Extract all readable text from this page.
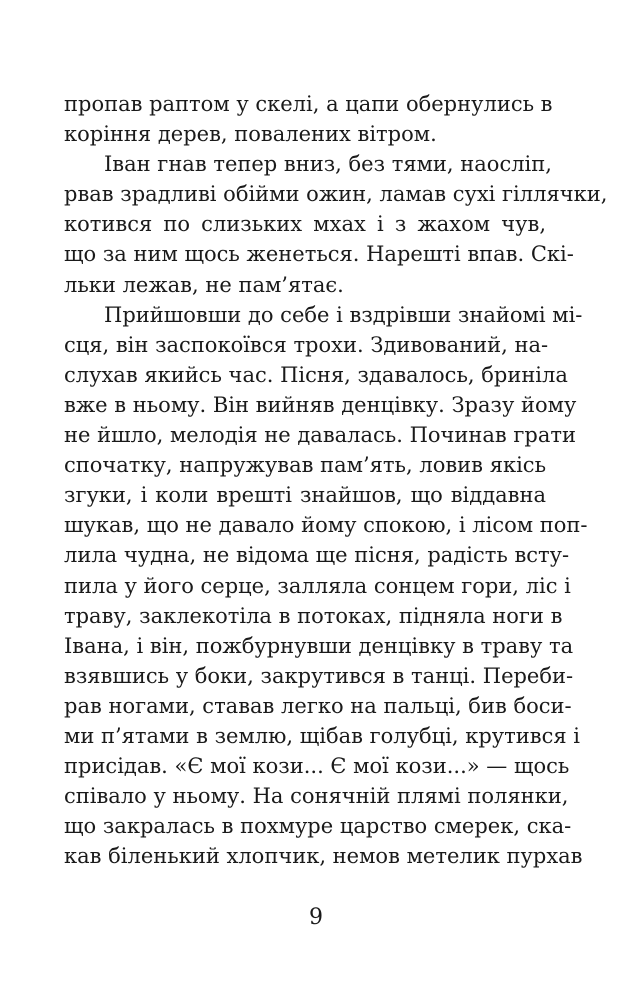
пропав раптом у скелі, а цапи обернулись в
коріння дерев, повалених вітром.
Іван гнав тепер вниз, без тями, наосліп,
рвав зрадливі обійми ожин, ламав сухі гіллячки,
котився по слизьких мхах і з жахом чув,
що за ним щось женеться. Нарешті впав. Скі-
льки лежав, не пам’ятає.
Прийшовши до себе і вздрівши знайомі мі-
сця, він заспокоївся трохи. Здивований, на-
слухав якийсь час. Пісня, здавалось, бриніла
вже в ньому. Він вийняв денцівку. Зразу йому
не йшло, мелодія не давалась. Починав грати
спочатку, напружував пам’ять, ловив якісь
згуки, і коли врешті знайшов, що віддавна
шукав, що не давало йому спокою, і лісом поп-
лила чудна, не відома ще пісня, радість всту-
пила у його серце, залляла сонцем гори, ліс і
траву, заклекотіла в потоках, підняла ноги в
Івана, і він, пожбурнувши денцівку в траву та
взявшись у боки, закрутився в танці. Переби-
рав ногами, ставав легко на пальці, бив боси-
ми п’ятами в землю, щібав голубці, крутився і
присідав. «Є мої кози... Є мої кози...» — щось
співало у ньому. На сонячній плямі полянки,
що закралась в похмуре царство смерек, ска-
кав біленький хлопчик, немов метелик пурхав
9
